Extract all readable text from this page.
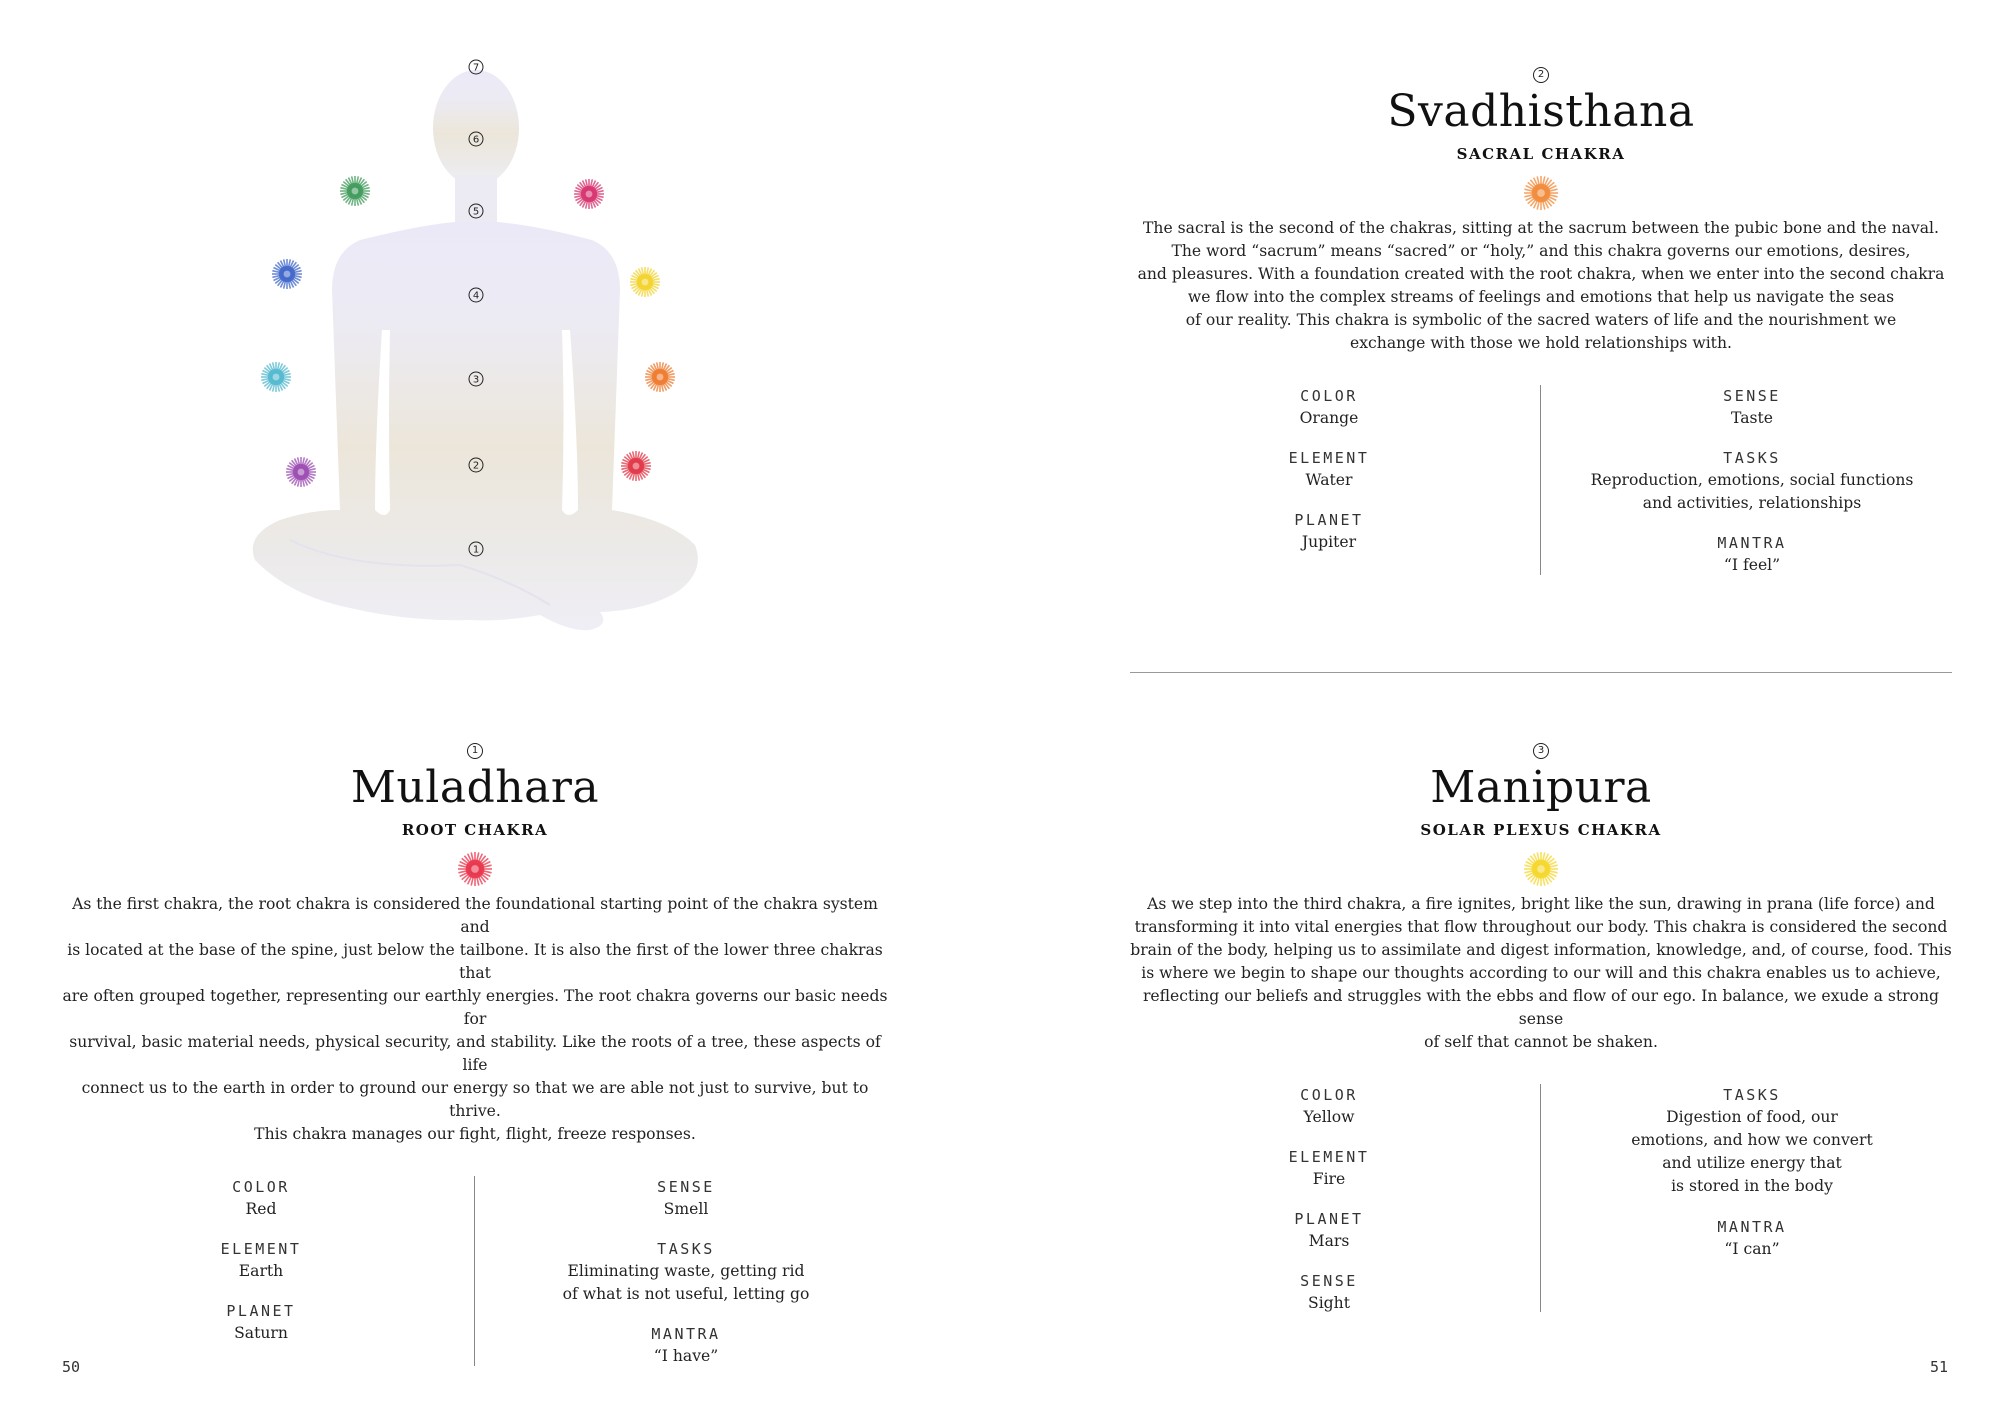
7
6
5
4
3
2
1
2
Svadhisthana
SACRAL CHAKRA
The sacral is the second of the chakras, sitting at the sacrum between the pubic bone and the naval.
The word “sacrum” means “sacred” or “holy,” and this chakra governs our emotions, desires,
and pleasures. With a foundation created with the root chakra, when we enter into the second chakra
we flow into the complex streams of feelings and emotions that help us navigate the seas
of our reality. This chakra is symbolic of the sacred waters of life and the nourishment we
exchange with those we hold relationships with.
COLOR
Orange
ELEMENT
Water
PLANET
Jupiter
SENSE
Taste
TASKS
Reproduction, emotions, social functions
and activities, relationships
MANTRA
“I feel”
1
Muladhara
ROOT CHAKRA
As the first chakra, the root chakra is considered the foundational starting point of the chakra system and
is located at the base of the spine, just below the tailbone. It is also the first of the lower three chakras that
are often grouped together, representing our earthly energies. The root chakra governs our basic needs for
survival, basic material needs, physical security, and stability. Like the roots of a tree, these aspects of life
connect us to the earth in order to ground our energy so that we are able not just to survive, but to thrive.
This chakra manages our fight, flight, freeze responses.
COLOR
Red
ELEMENT
Earth
PLANET
Saturn
SENSE
Smell
TASKS
Eliminating waste, getting rid
of what is not useful, letting go
MANTRA
“I have”
3
Manipura
SOLAR PLEXUS CHAKRA
As we step into the third chakra, a fire ignites, bright like the sun, drawing in prana (life force) and
transforming it into vital energies that flow throughout our body. This chakra is considered the second
brain of the body, helping us to assimilate and digest information, knowledge, and, of course, food. This
is where we begin to shape our thoughts according to our will and this chakra enables us to achieve,
reflecting our beliefs and struggles with the ebbs and flow of our ego. In balance, we exude a strong sense
of self that cannot be shaken.
COLOR
Yellow
ELEMENT
Fire
PLANET
Mars
SENSE
Sight
TASKS
Digestion of food, our
emotions, and how we convert
and utilize energy that
is stored in the body
MANTRA
“I can”
50	51
